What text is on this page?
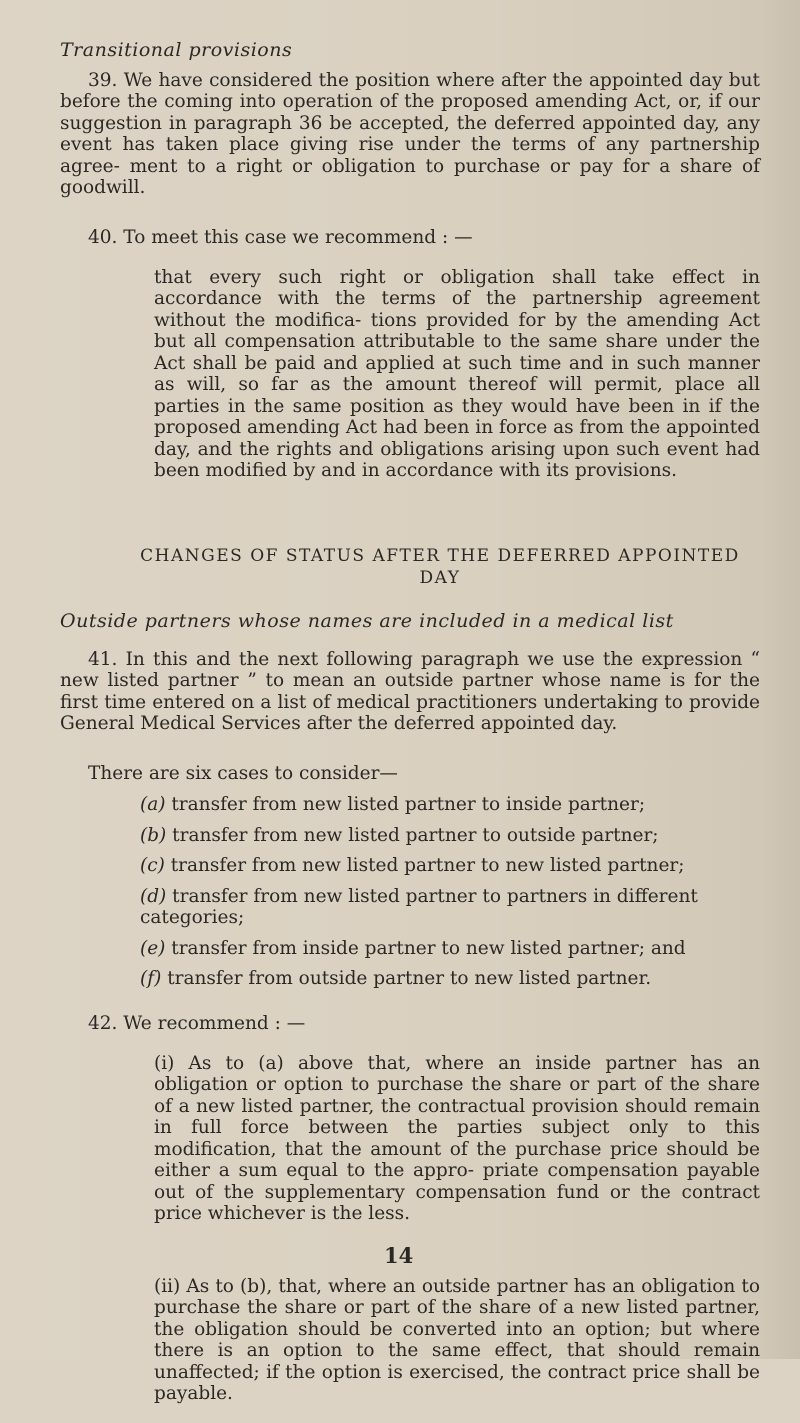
Transitional provisions

39. We have considered the position where after the appointed day but before the coming into operation of the proposed amending Act, or, if our suggestion in paragraph 36 be accepted, the deferred appointed day, any event has taken place giving rise under the terms of any partnership agree- ment to a right or obligation to purchase or pay for a share of goodwill.

40. To meet this case we recommend : —

that every such right or obligation shall take effect in accordance with the terms of the partnership agreement without the modifica- tions provided for by the amending Act but all compensation attributable to the same share under the Act shall be paid and applied at such time and in such manner as will, so far as the amount thereof will permit, place all parties in the same position as they would have been in if the proposed amending Act had been in force as from the appointed day, and the rights and obligations arising upon such event had been modified by and in accordance with its provisions.

CHANGES OF STATUS AFTER THE DEFERRED APPOINTED DAY
Outside partners whose names are included in a medical list

41. In this and the next following paragraph we use the expression “ new listed partner ” to mean an outside partner whose name is for the first time entered on a list of medical practitioners undertaking to provide General Medical Services after the deferred appointed day.

There are six cases to consider—

(a) transfer from new listed partner to inside partner;
(b) transfer from new listed partner to outside partner;
(c) transfer from new listed partner to new listed partner;
(d) transfer from new listed partner to partners in different categories;
(e) transfer from inside partner to new listed partner; and
(f) transfer from outside partner to new listed partner.

42. We recommend : —

(i) As to (a) above that, where an inside partner has an obligation or option to purchase the share or part of the share of a new listed partner, the contractual provision should remain in full force between the parties subject only to this modification, that the amount of the purchase price should be either a sum equal to the appro- priate compensation payable out of the supplementary compensation fund or the contract price whichever is the less.

(ii) As to (b), that, where an outside partner has an obligation to purchase the share or part of the share of a new listed partner, the obligation should be converted into an option; but where there is an option to the same effect, that should remain unaffected; if the option is exercised, the contract price shall be payable.

14
